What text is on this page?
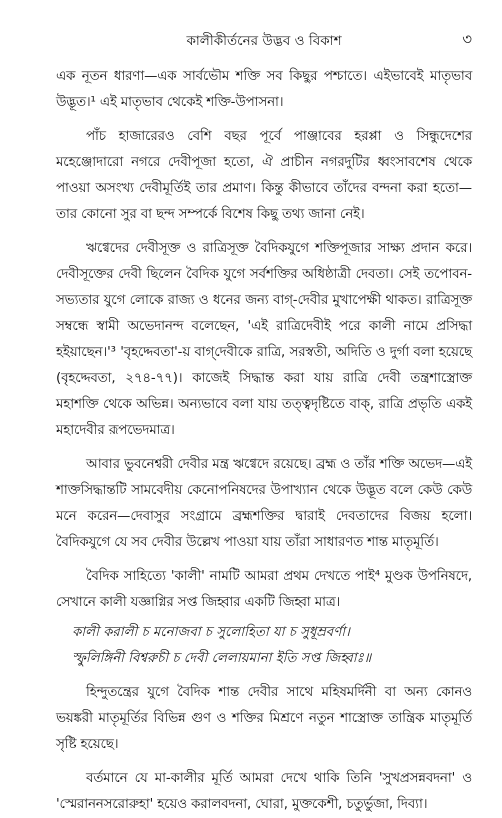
কালীকীর্তনের উদ্ভব ও বিকাশ	৩

এক নূতন ধারণা—এক সার্বভৌম শক্তি সব কিছুর পশ্চাতে। এইভাবেই মাতৃভাব উদ্ভূত।¹ এই মাতৃভাব থেকেই শক্তি-উপাসনা।

পাঁচ হাজারেরও বেশি বছর পূর্বে পাঞ্জাবের হরপ্পা ও সিন্ধুদেশের মহেঞ্জোদারো নগরে দেবীপূজা হতো, ঐ প্রাচীন নগরদুটির ধ্বংসাবশেষ থেকে পাওয়া অসংখ্য দেবীমূর্তিই তার প্রমাণ। কিন্তু কীভাবে তাঁদের বন্দনা করা হতো—তার কোনো সুর বা ছন্দ সম্পর্কে বিশেষ কিছু তথ্য জানা নেই।

ঋগ্বেদের দেবীসূক্ত ও রাত্রিসূক্ত বৈদিকযুগে শক্তিপূজার সাক্ষ্য প্রদান করে। দেবীসূক্তের দেবী ছিলেন বৈদিক যুগে সর্বশক্তির অধিষ্ঠাত্রী দেবতা। সেই তপোবন-সভ্যতার যুগে লোকে রাজ্য ও ধনের জন্য বাগ্‌-দেবীর মুখাপেক্ষী থাকত। রাত্রিসূক্ত সম্বন্ধে স্বামী অভেদানন্দ বলেছেন, 'এই রাত্রিদেবীই পরে কালী নামে প্রসিদ্ধা হইয়াছেন।'³ 'বৃহদ্দেবতা'-য় বাগ্‌দেবীকে রাত্রি, সরস্বতী, অদিতি ও দুর্গা বলা হয়েছে (বৃহদ্দেবতা, ২৭৪-৭৭)। কাজেই সিদ্ধান্ত করা যায় রাত্রি দেবী তন্ত্রশাস্ত্রোক্ত মহাশক্তি থেকে অভিন্ন। অন্যভাবে বলা যায় তত্ত্বদৃষ্টিতে বাক্‌, রাত্রি প্রভৃতি একই মহাদেবীর রূপভেদমাত্র।

আবার ভুবনেশ্বরী দেবীর মন্ত্র ঋগ্বেদে রয়েছে। ব্রহ্ম ও তাঁর শক্তি অভেদ—এই শাক্তসিদ্ধান্তটি সামবেদীয় কেনোপনিষদের উপাখ্যান থেকে উদ্ভূত বলে কেউ কেউ মনে করেন—দেবাসুর সংগ্রামে ব্রহ্মশক্তির দ্বারাই দেবতাদের বিজয় হলো। বৈদিকযুগে যে সব দেবীর উল্লেখ পাওয়া যায় তাঁরা সাধারণত শান্ত মাতৃমূর্তি।

বৈদিক সাহিত্যে 'কালী' নামটি আমরা প্রথম দেখতে পাই⁴ মুণ্ডক উপনিষদে, সেখানে কালী যজ্ঞাগ্নির সপ্ত জিহ্বার একটি জিহ্বা মাত্র।

কালী করালী চ মনোজবা চ সুলোহিতা যা চ সুধূম্রবর্ণা।
স্ফুলিঙ্গিনী বিশ্বরুচী চ দেবী লেলায়মানা ইতি সপ্ত জিহ্বাঃ॥

হিন্দুতন্ত্রের যুগে বৈদিক শান্ত দেবীর সাথে মহিষমর্দিনী বা অন্য কোনও ভয়ঙ্করী মাতৃমূর্তির বিভিন্ন গুণ ও শক্তির মিশ্রণে নতুন শাস্ত্রোক্ত তান্ত্রিক মাতৃমূর্তি সৃষ্টি হয়েছে।

বর্তমানে যে মা-কালীর মূর্তি আমরা দেখে থাকি তিনি 'সুখপ্রসন্নবদনা' ও 'স্মেরাননসরোরুহা' হয়েও করালবদনা, ঘোরা, মুক্তকেশী, চতুর্ভুজা, দিব্যা।
